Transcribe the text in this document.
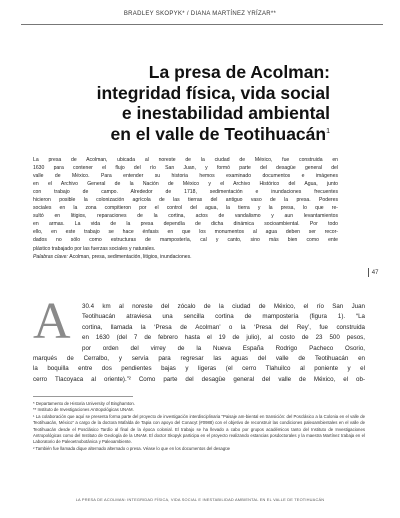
BRADLEY SKOPYK* / DIANA MARTÍNEZ YRÍZAR**
La presa de Acolman:
integridad física, vida social
e inestabilidad ambiental
en el valle de Teotihuacán$^1$

La presa de Acolman, ubicada al noreste de la ciudad de México, fue construida en

1630 para contener el flujo del río San Juan, y formó parte del desagüe general del

valle de México. Para entender su historia hemos examinado documentos e imágenes

en el Archivo General de la Nación de México y el Archivo Histórico del Agua, junto

con trabajo de campo. Alrededor de 1718, sedimentación e inundaciones frecuentes

hicieron posible la colonización agrícola de las tierras del antiguo vaso de la presa. Poderes

sociales en la zona compitieron por el control del agua, la tierra y la presa, lo que re-

sultó en litigios, reparaciones de la cortina, actos de vandalismo y aun levantamientos

en armas. La vida de la presa dependía de dicha dinámica socioambiental. Por todo

ello, en este trabajo se hace énfasis en que los monumentos al agua deben ser recor-

dados no sólo como estructuras de mampostería, cal y canto, sino más bien como ente

plástico trabajado por las fuerzas sociales y naturales.

Palabras clave: Acolman, presa, sedimentación, litigios, inundaciones.

47
A 30.4 km al noreste del zócalo de la ciudad de México, el río San Juan
Teotihuacán atraviesa una sencilla cortina de mampostería (figura 1). “La
cortina, llamada la ‘Presa de Acolman’ o la ‘Presa del Rey’, fue construida
en 1630 (del 7 de febrero hasta el 19 de julio), al costo de 23 500 pesos,
por orden del virrey de la Nueva España Rodrigo Pacheco Osorio,
marqués de Cerralbo, y servía para regresar las aguas del valle de Teotihuacán en
la boquilla entre dos pendientes bajas y ligeras (el cerro Tlahuilco al poniente y el
cerro Tlacoyaca al oriente).”² Como parte del desagüe general del valle de México, el ob-

* Departamento de Historia University of Binghamton.

** Instituto de Investigaciones Antropológicas UNAM.

¹ La colaboración que aquí se presenta forma parte del proyecto de investigación interdisciplinaria “Paisaje am-biental en transición: del Posclásico a la Colonia en el valle de Teotihuacán, México” a cargo de la doctora Mafalda de Tapia con apoyo del Conacyt (#0988) con el objetivo de reconstruir las condiciones paleoambientales en el valle de Teotihuacán desde el Posclásico Tardío al final de la época colonial. El trabajo se ha llevado a cabo por grupos académicos tanto del Instituto de Investigaciones Antropológicas como del Instituto de Geología de la UNAM. El doctor Skopyk participa en el proyecto realizando estancias posdoctorales y la maestra Martínez trabaja en el Laboratorio de Paleoetnobotánica y Paleoambiente.

² También fue llamada dique alternado alternado o presa. Véase lo que en los documentos del desagüe

LA PRESA DE ACOLMAN: INTEGRIDAD FÍSICA, VIDA SOCIAL E INESTABILIDAD AMBIENTAL EN EL VALLE DE TEOTIHUACÁN
